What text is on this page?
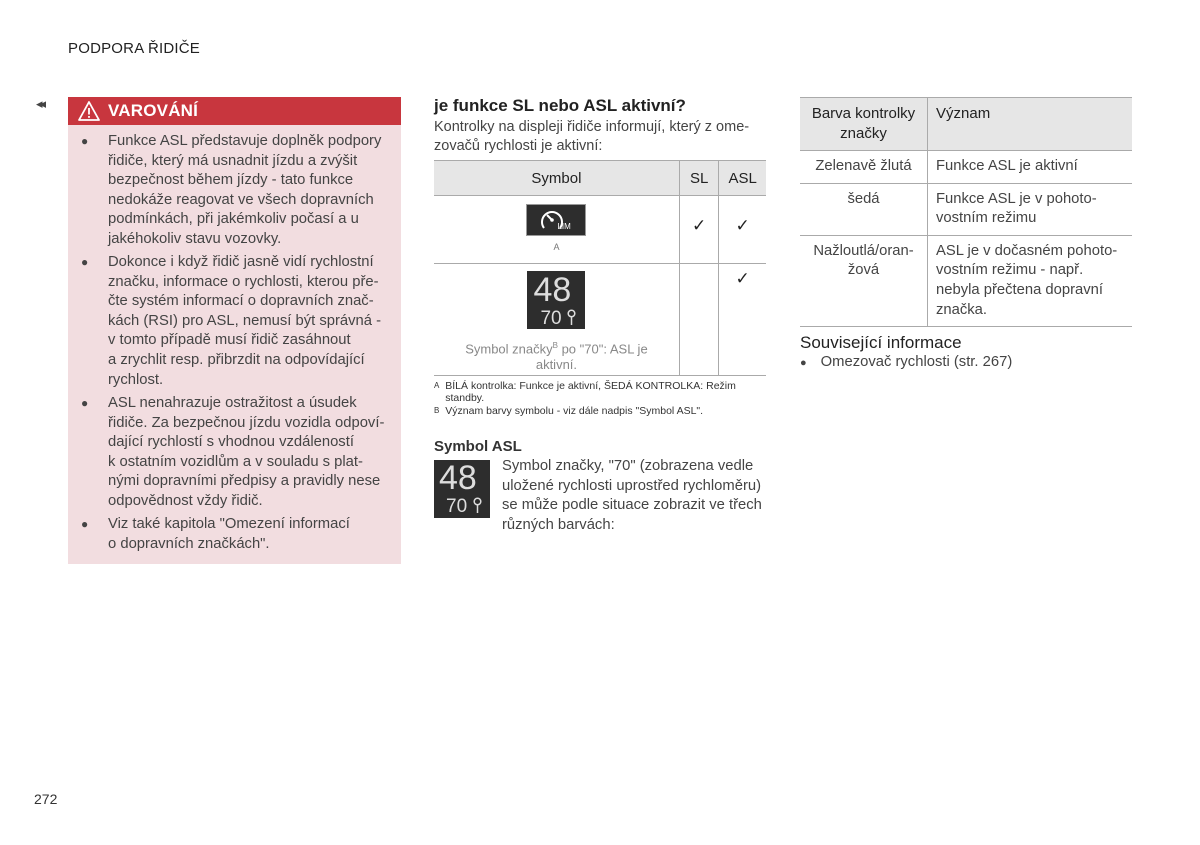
PODPORA ŘIDIČE
◂◂	VAROVÁNÍ
● Funkce ASL představuje doplněk podpory
řidiče, který má usnadnit jízdu a zvýšit
bezpečnost během jízdy - tato funkce
nedokáže reagovat ve všech dopravních
podmínkách, při jakémkoliv počasí a u
jakéhokoliv stavu vozovky.
● Dokonce i když řidič jasně vidí rychlostní
značku, informace o rychlosti, kterou pře-
čte systém informací o dopravních znač-
kách (RSI) pro ASL, nemusí být správná -
v tomto případě musí řidič zasáhnout
a zrychlit resp. přibrzdit na odpovídající
rychlost.
● ASL nenahrazuje ostražitost a úsudek
řidiče. Za bezpečnou jízdu vozidla odpoví-
dající rychlostí s vhodnou vzdáleností
k ostatním vozidlům a v souladu s plat-
nými dopravními předpisy a pravidly nese
odpovědnost vždy řidič.
● Viz také kapitola "Omezení informací
o dopravních značkách".
je funkce SL nebo ASL aktivní?
Kontrolky na displeji řidiče informují, který z ome-
zovačů rychlosti je aktivní:
Symbol	SL	ASL

LIM
A	✓	✓

48
70
Symbol značky$^B$ po "70": ASL je
aktivní.		✓
$^A$ BÍLÁ kontrolka: Funkce je aktivní, ŠEDÁ KONTROLKA: Režim
standby.
$^B$ Význam barvy symbolu - viz dále nadpis "Symbol ASL".
Symbol ASL
48
70
Symbol značky, "70" (zobrazena vedle
uložené rychlosti uprostřed rychloměru)
se může podle situace zobrazit ve třech
různých barvách:
Barva kontrolky
značky	Význam
Zelenavě žlutá	Funkce ASL je aktivní
šedá	Funkce ASL je v pohoto-
vostním režimu
Nažloutlá/oran-
žová	ASL je v dočasném pohoto-
vostním režimu - např.
nebyla přečtena dopravní
značka.
Související informace
● Omezovač rychlosti (str. 267)
272
